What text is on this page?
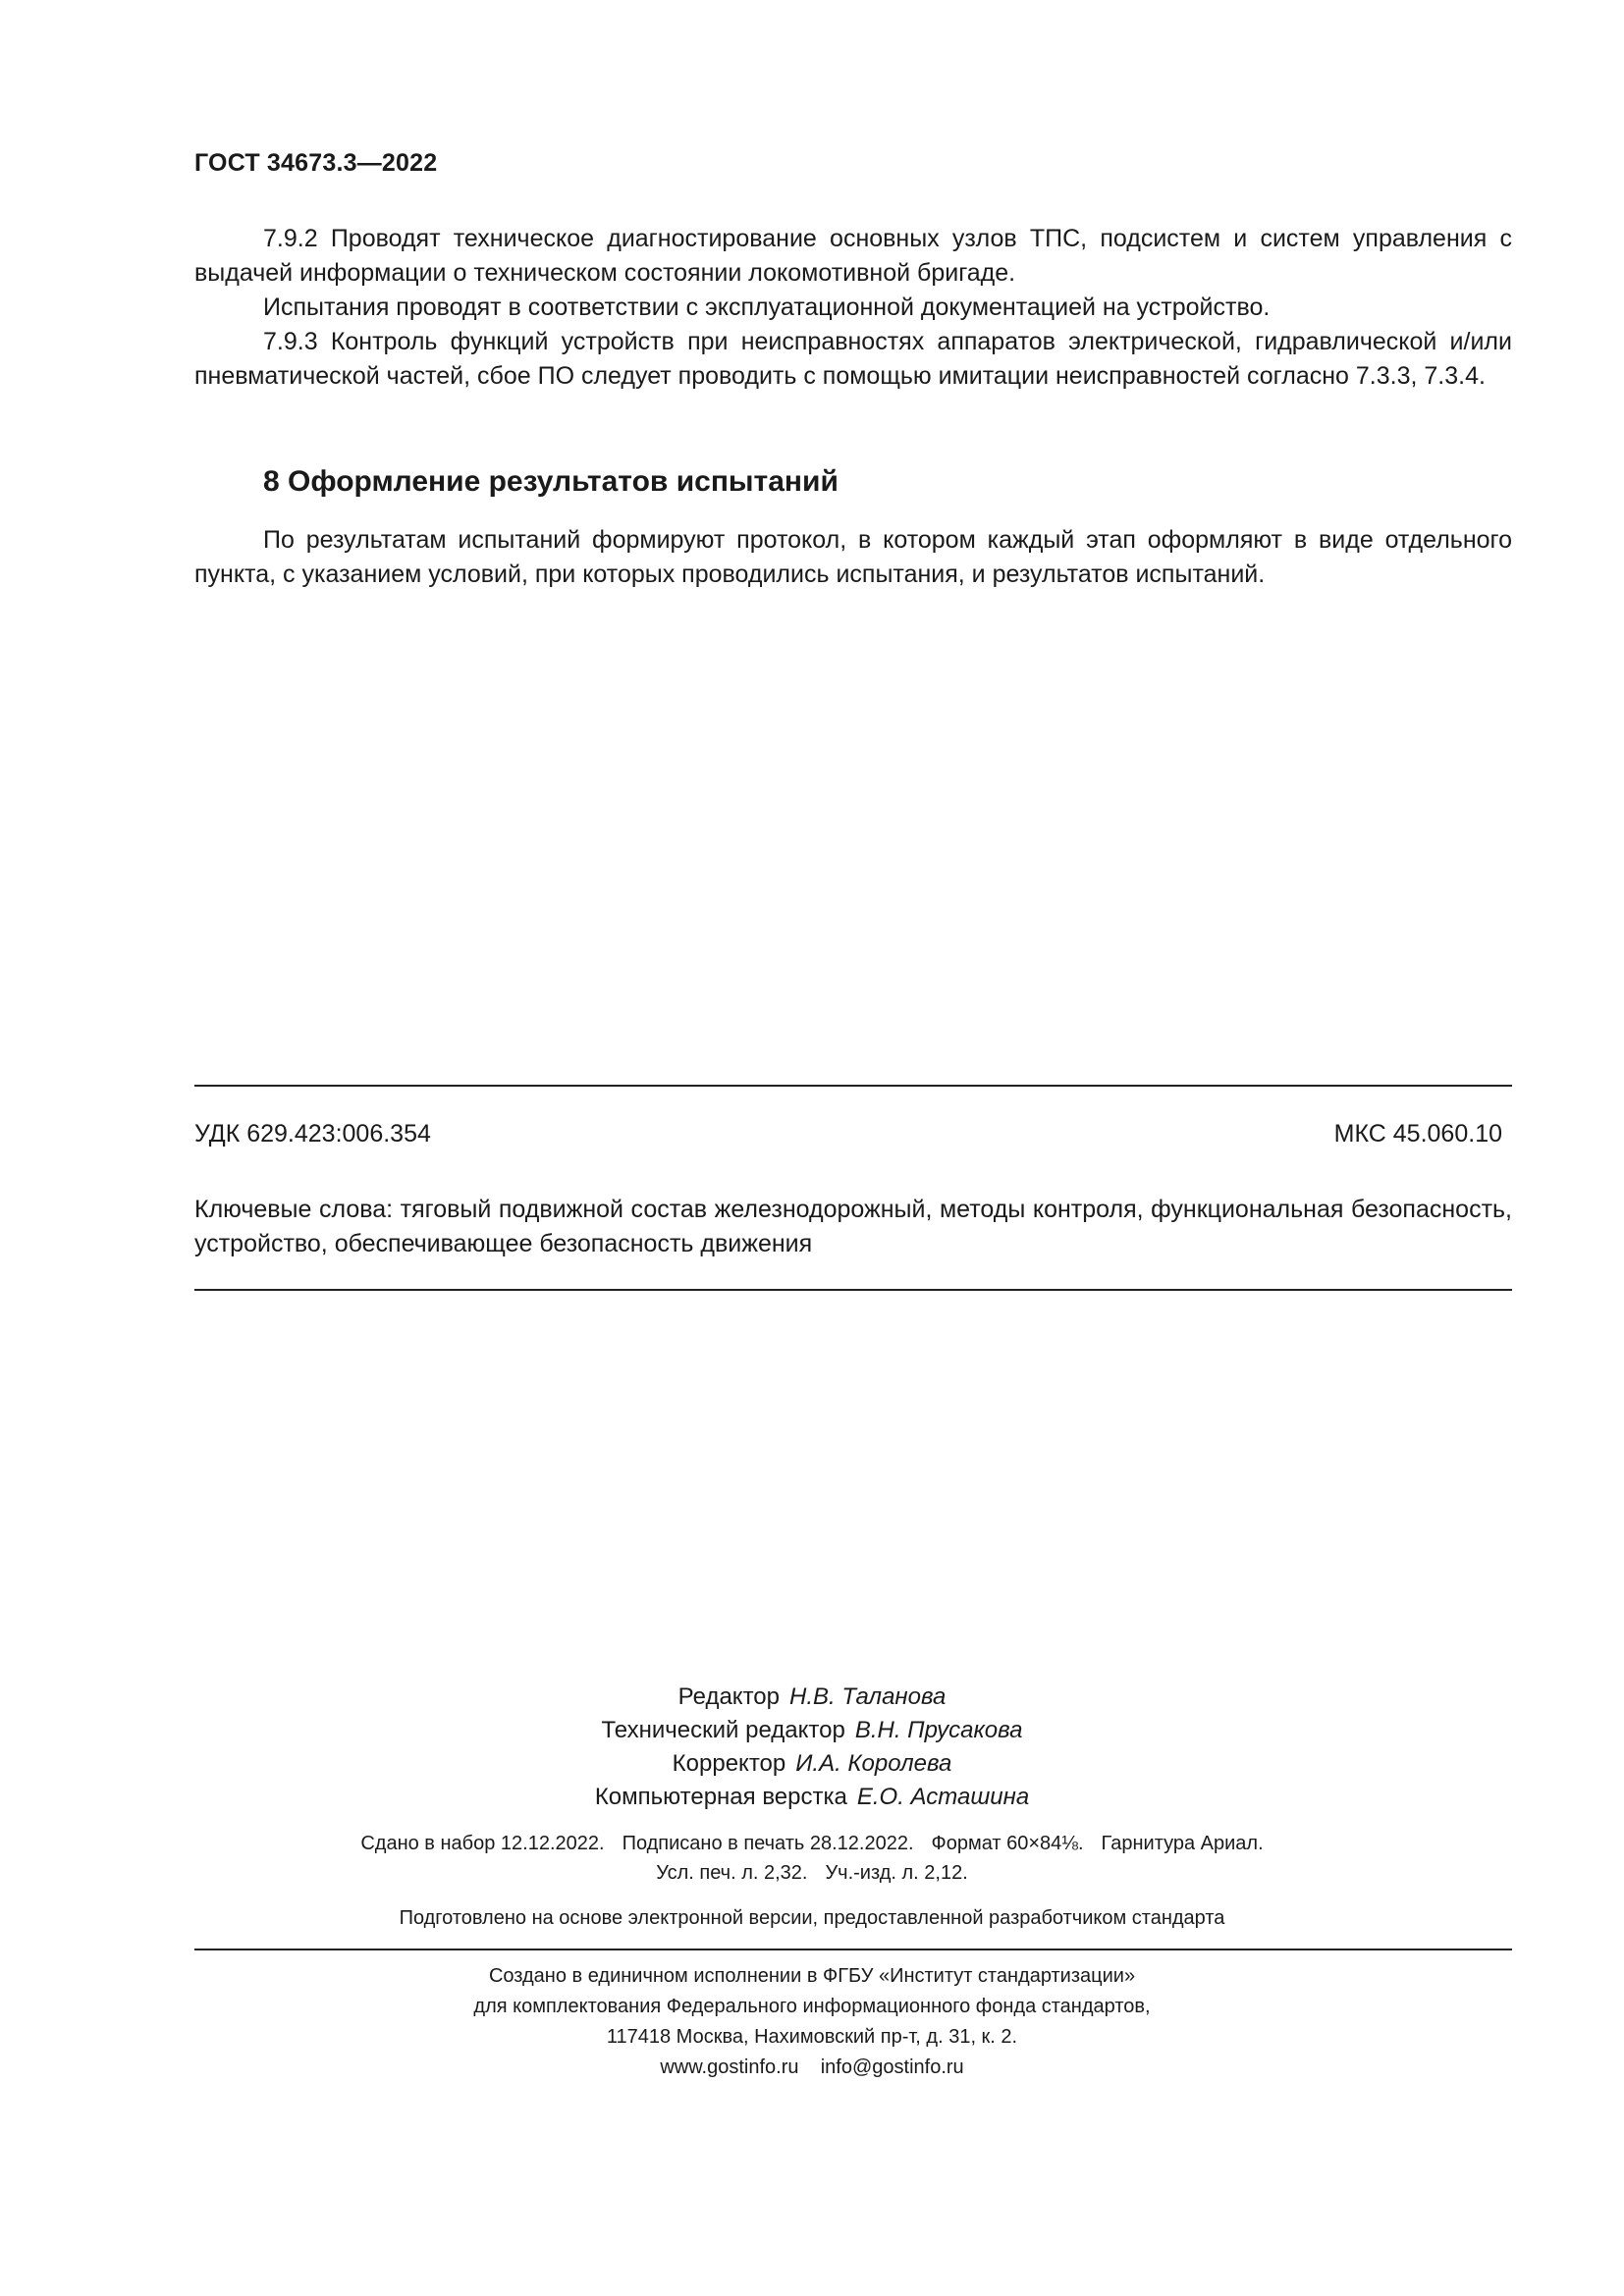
ГОСТ 34673.3—2022

7.9.2 Проводят техническое диагностирование основных узлов ТПС, подсистем и систем управления с выдачей информации о техническом состоянии локомотивной бригаде.

Испытания проводят в соответствии с эксплуатационной документацией на устройство.

7.9.3 Контроль функций устройств при неисправностях аппаратов электрической, гидравлической и/или пневматической частей, сбое ПО следует проводить с помощью имитации неисправностей согласно 7.3.3, 7.3.4.

8 Оформление результатов испытаний

По результатам испытаний формируют протокол, в котором каждый этап оформляют в виде отдельного пункта, с указанием условий, при которых проводились испытания, и результатов испытаний.

УДК 629.423:006.354	МКС 45.060.10
Ключевые слова: тяговый подвижной состав железнодорожный, методы контроля, функциональная безопасность, устройство, обеспечивающее безопасность движения
Редактор Н.В. Таланова
Технический редактор В.Н. Прусакова
Корректор И.А. Королева
Компьютерная верстка Е.О. Асташина
Сдано в набор 12.12.2022. Подписано в печать 28.12.2022. Формат 60×84⅛. Гарнитура Ариал.
Усл. печ. л. 2,32. Уч.-изд. л. 2,12.
Подготовлено на основе электронной версии, предоставленной разработчиком стандарта
Создано в единичном исполнении в ФГБУ «Институт стандартизации»
для комплектования Федерального информационного фонда стандартов,
117418 Москва, Нахимовский пр-т, д. 31, к. 2.
www.gostinfo.ru    info@gostinfo.ru
